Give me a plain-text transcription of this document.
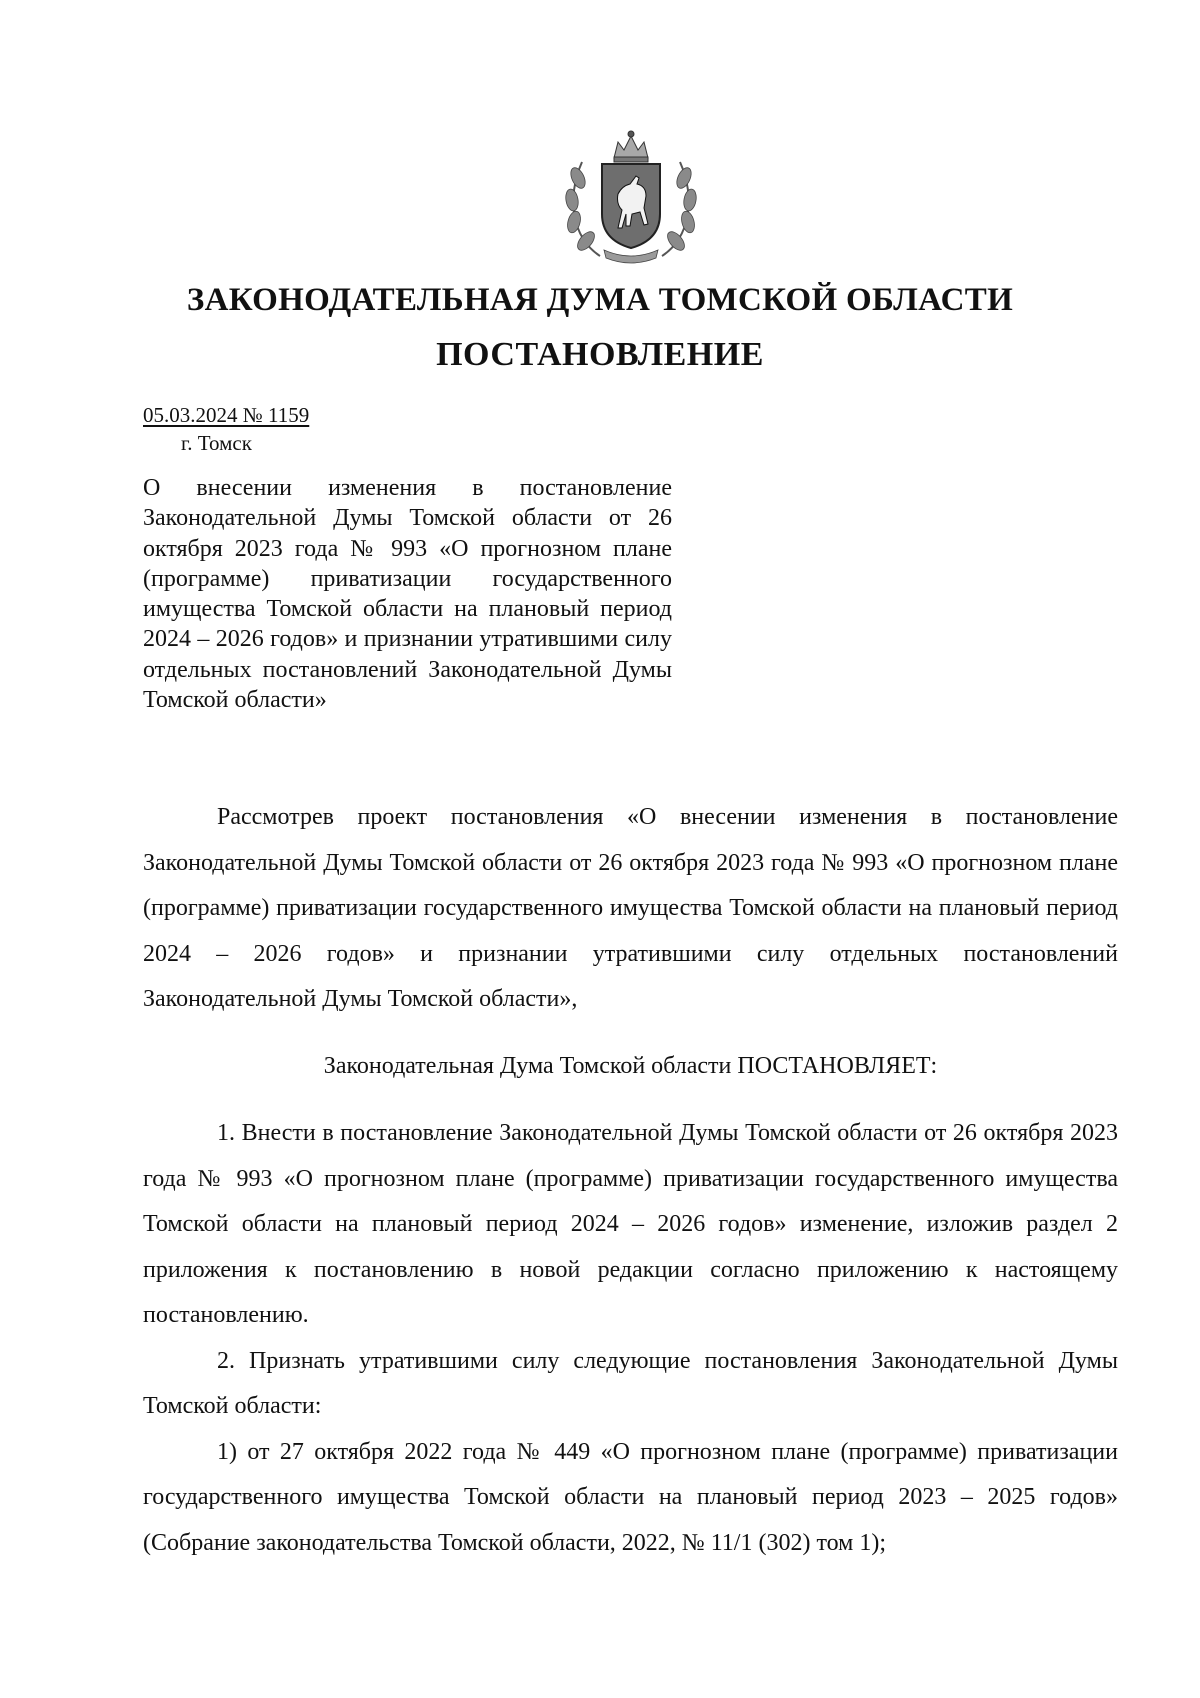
ЗАКОНОДАТЕЛЬНАЯ ДУМА ТОМСКОЙ ОБЛАСТИ
ПОСТАНОВЛЕНИЕ
05.03.2024 № 1159
г. Томск

О внесении изменения в постановление Законодательной Думы Томской области от 26 октября 2023 года № 993 «О прогнозном плане (программе) приватизации государственного имущества Томской области на плановый период 2024 – 2026 годов» и признании утратившими силу отдельных постановлений Законодательной Думы Томской области»

Рассмотрев проект постановления «О внесении изменения в постановление Законодательной Думы Томской области от 26 октября 2023 года № 993 «О прогнозном плане (программе) приватизации государственного имущества Томской области на плановый период 2024 – 2026 годов» и признании утратившими силу отдельных постановлений Законодательной Думы Томской области»,

Законодательная Дума Томской области ПОСТАНОВЛЯЕТ:

1. Внести в постановление Законодательной Думы Томской области от 26 октября 2023 года № 993 «О прогнозном плане (программе) приватизации государственного имущества Томской области на плановый период 2024 – 2026 годов» изменение, изложив раздел 2 приложения к постановлению в новой редакции согласно приложению к настоящему постановлению.

2. Признать утратившими силу следующие постановления Законодательной Думы Томской области:

1) от 27 октября 2022 года № 449 «О прогнозном плане (программе) приватизации государственного имущества Томской области на плановый период 2023 – 2025 годов» (Собрание законодательства Томской области, 2022, № 11/1 (302) том 1);
